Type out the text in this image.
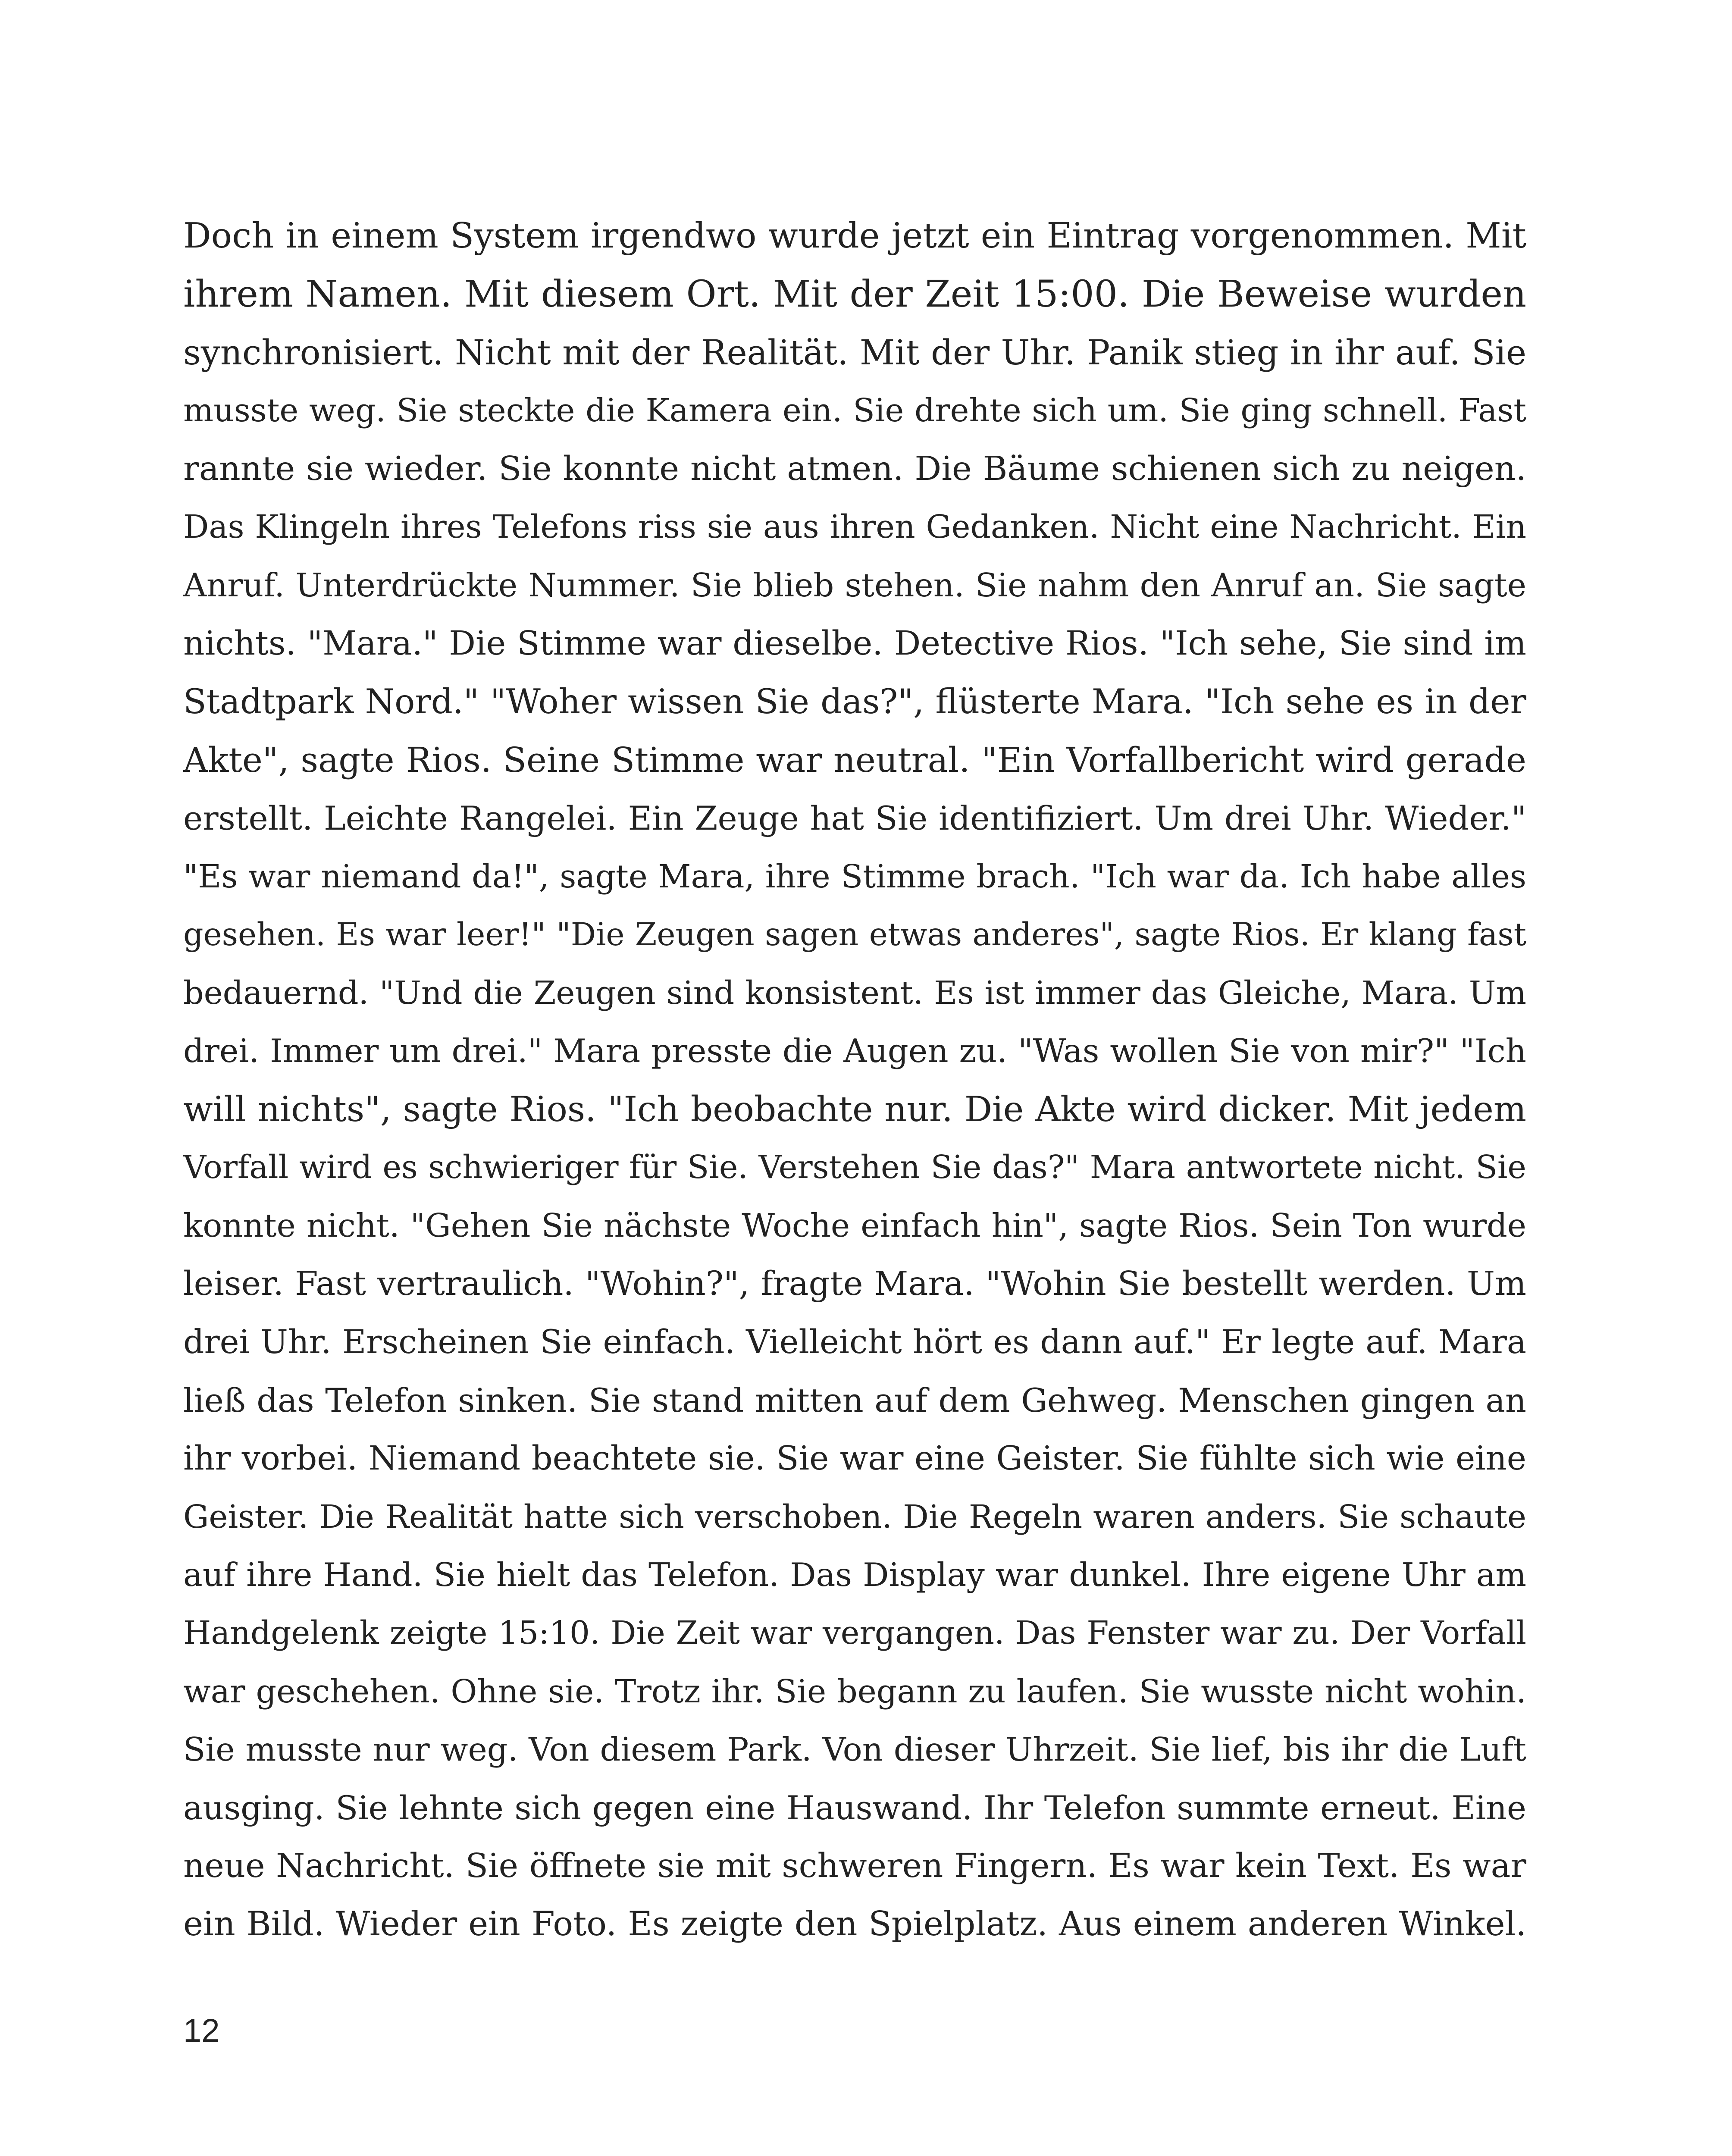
Doch in einem System irgendwo wurde jetzt ein Eintrag vorgenommen. Mit
ihrem Namen. Mit diesem Ort. Mit der Zeit 15:00. Die Beweise wurden
synchronisiert. Nicht mit der Realität. Mit der Uhr. Panik stieg in ihr auf. Sie
musste weg. Sie steckte die Kamera ein. Sie drehte sich um. Sie ging schnell. Fast
rannte sie wieder. Sie konnte nicht atmen. Die Bäume schienen sich zu neigen.
Das Klingeln ihres Telefons riss sie aus ihren Gedanken. Nicht eine Nachricht. Ein
Anruf. Unterdrückte Nummer. Sie blieb stehen. Sie nahm den Anruf an. Sie sagte
nichts. "Mara." Die Stimme war dieselbe. Detective Rios. "Ich sehe, Sie sind im
Stadtpark Nord." "Woher wissen Sie das?", flüsterte Mara. "Ich sehe es in der
Akte", sagte Rios. Seine Stimme war neutral. "Ein Vorfallbericht wird gerade
erstellt. Leichte Rangelei. Ein Zeuge hat Sie identifiziert. Um drei Uhr. Wieder."
"Es war niemand da!", sagte Mara, ihre Stimme brach. "Ich war da. Ich habe alles
gesehen. Es war leer!" "Die Zeugen sagen etwas anderes", sagte Rios. Er klang fast
bedauernd. "Und die Zeugen sind konsistent. Es ist immer das Gleiche, Mara. Um
drei. Immer um drei." Mara presste die Augen zu. "Was wollen Sie von mir?" "Ich
will nichts", sagte Rios. "Ich beobachte nur. Die Akte wird dicker. Mit jedem
Vorfall wird es schwieriger für Sie. Verstehen Sie das?" Mara antwortete nicht. Sie
konnte nicht. "Gehen Sie nächste Woche einfach hin", sagte Rios. Sein Ton wurde
leiser. Fast vertraulich. "Wohin?", fragte Mara. "Wohin Sie bestellt werden. Um
drei Uhr. Erscheinen Sie einfach. Vielleicht hört es dann auf." Er legte auf. Mara
ließ das Telefon sinken. Sie stand mitten auf dem Gehweg. Menschen gingen an
ihr vorbei. Niemand beachtete sie. Sie war eine Geister. Sie fühlte sich wie eine
Geister. Die Realität hatte sich verschoben. Die Regeln waren anders. Sie schaute
auf ihre Hand. Sie hielt das Telefon. Das Display war dunkel. Ihre eigene Uhr am
Handgelenk zeigte 15:10. Die Zeit war vergangen. Das Fenster war zu. Der Vorfall
war geschehen. Ohne sie. Trotz ihr. Sie begann zu laufen. Sie wusste nicht wohin.
Sie musste nur weg. Von diesem Park. Von dieser Uhrzeit. Sie lief, bis ihr die Luft
ausging. Sie lehnte sich gegen eine Hauswand. Ihr Telefon summte erneut. Eine
neue Nachricht. Sie öffnete sie mit schweren Fingern. Es war kein Text. Es war
ein Bild. Wieder ein Foto. Es zeigte den Spielplatz. Aus einem anderen Winkel.
12
